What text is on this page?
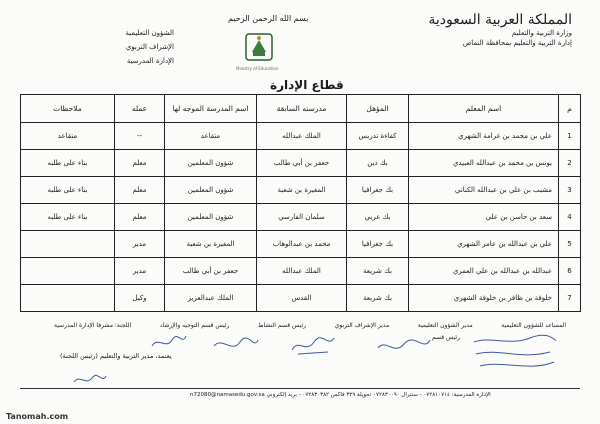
بسم الله الرحمن الرحيم	المملكة العربية السعودية
وزارة التربية والتعليم
إدارة التربية والتعليم بمحافظة النماص
الشؤون التعليمية
الإشراف التربوي
الإدارة المدرسية
Ministry of Education
قطاع الإدارة
م	اسم المعلم	المؤهل	مدرسته السابقة	اسم المدرسة الموجه لها	عمله	ملاحظات
1	علي بن محمد بن غرامة الشهري	كفاءة تدريس	الملك عبدالله	متقاعد	--	متقاعد
2	يونس بن محمد بن عبدالله العبيدي	بك دين	جعفر بن أبي طالب	شؤون المعلمين	معلم	بناء على طلبه
3	مشبب بن علي بن عبدالله الكناني	بك جغرافيا	المغيرة بن شعبة	شؤون المعلمين	معلم	بناء على طلبه
4	سعد بن حاسن بن علي	بك عربي	سلمان الفارسي	شؤون المعلمين	معلم	بناء على طلبه
5	علي بن عبدالله بن عامر الشهري	بك جغرافيا	محمد بن عبدالوهاب	المغيرة بن شعبة	مدير	
6	عبدالله بن عبدالله بن علي العمري	بك شريعة	الملك عبدالله	جعفر بن أبي طالب	مدير	
7	خلوفة بن ظافر بن خلوفة الشهري	بك شريعة	القدس	الملك عبدالعزيز	وكيل	
اللجنة: مشرفا الإدارة المدرسية	رئيس قسم التوجيه والإرشاد	رئيس قسم النشاط	مدير الإشراف التربوي	مدير الشؤون التعليمية	المساعد للشؤون التعليمية
رئيس قسم
يعتمد، مدير التربية والتعليم (رئيس اللجنة)
الإدارة المدرسية: ٠٧٢٨١٠٧١٤ - سنترال ٠٧٢٨٣٠٠٩٠ تحويلة ٣٢٩ فاكس ٠٧٢٨٣٠٣٨٢ - بريد إلكتروني n72080@namasedu.gov.sa
Tanomah.com
